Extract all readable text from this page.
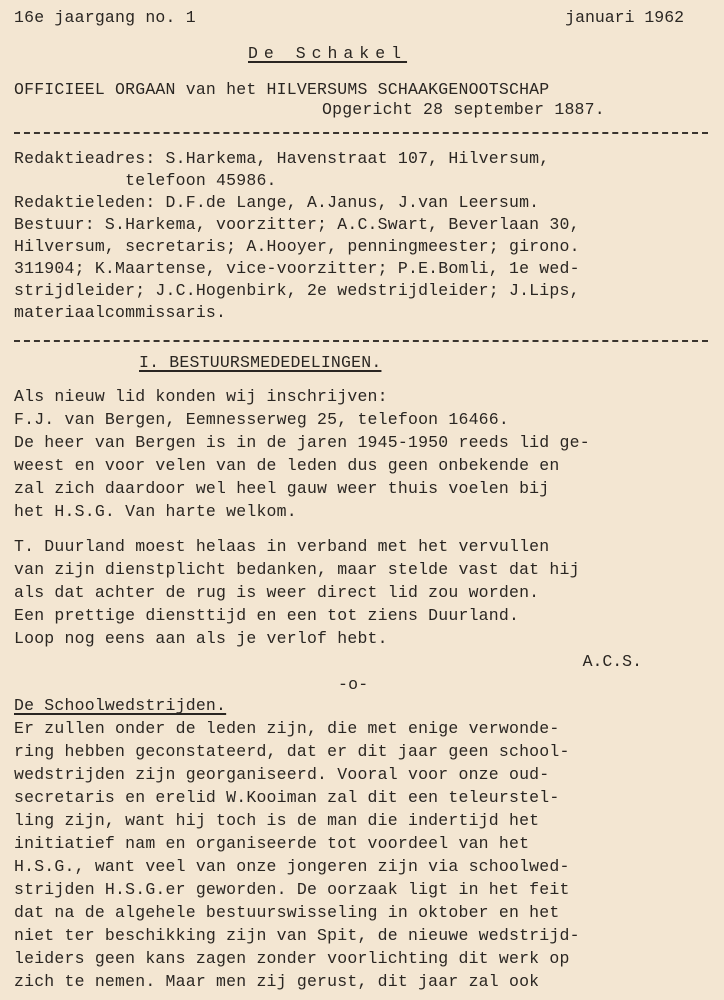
16e jaargang no. 1	januari 1962
De Schakel
OFFICIEEL ORGAAN van het HILVERSUMS SCHAAKGENOOTSCHAP
Opgericht 28 september 1887.
Redaktieadres: S.Harkema, Havenstraat 107, Hilversum,
telefoon 45986.
Redaktieleden: D.F.de Lange, A.Janus, J.van Leersum.
Bestuur: S.Harkema, voorzitter; A.C.Swart, Beverlaan 30,
Hilversum, secretaris; A.Hooyer, penningmeester; girono.
311904; K.Maartense, vice-voorzitter; P.E.Bomli, 1e wed-
strijdleider; J.C.Hogenbirk, 2e wedstrijdleider; J.Lips,
materiaalcommissaris.
I. BESTUURSMEDEDELINGEN.
Als nieuw lid konden wij inschrijven:
F.J. van Bergen, Eemnesserweg 25, telefoon 16466.
De heer van Bergen is in de jaren 1945-1950 reeds lid ge-
weest en voor velen van de leden dus geen onbekende en
zal zich daardoor wel heel gauw weer thuis voelen bij
het H.S.G. Van harte welkom.
T. Duurland moest helaas in verband met het vervullen
van zijn dienstplicht bedanken, maar stelde vast dat hij
als dat achter de rug is weer direct lid zou worden.
Een prettige diensttijd en een tot ziens Duurland.
Loop nog eens aan als je verlof hebt.
A.C.S.
-o-
De Schoolwedstrijden.
Er zullen onder de leden zijn, die met enige verwonde-
ring hebben geconstateerd, dat er dit jaar geen school-
wedstrijden zijn georganiseerd. Vooral voor onze oud-
secretaris en erelid W.Kooiman zal dit een teleurstel-
ling zijn, want hij toch is de man die indertijd het
initiatief nam en organiseerde tot voordeel van het
H.S.G., want veel van onze jongeren zijn via schoolwed-
strijden H.S.G.er geworden. De oorzaak ligt in het feit
dat na de algehele bestuurswisseling in oktober en het
niet ter beschikking zijn van Spit, de nieuwe wedstrijd-
leiders geen kans zagen zonder voorlichting dit werk op
zich te nemen. Maar men zij gerust, dit jaar zal ook
